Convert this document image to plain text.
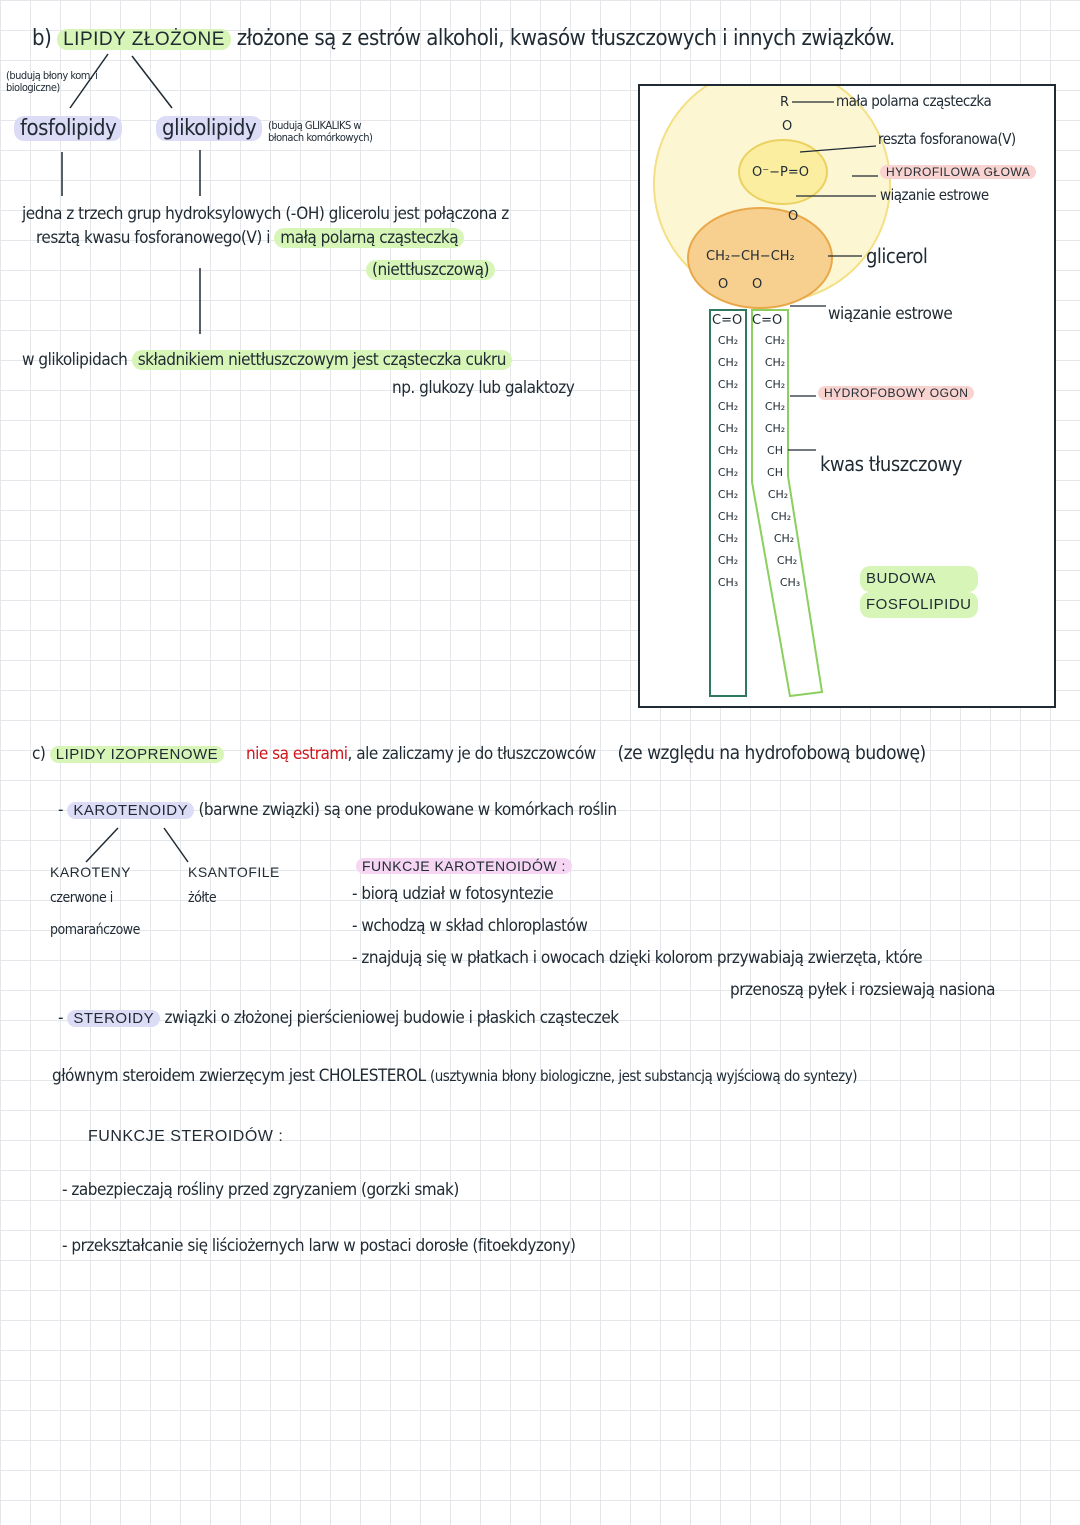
b) LIPIDY ZŁOŻONE złożone są z estrów alkoholi, kwasów tłuszczowych i innych związków.
(budują błony kom. i biologiczne)
fosfolipidy glikolipidy	(budują GLIKALIKS w błonach komórkowych)
jedna z trzech grup hydroksylowych (-OH) glicerolu jest połączona z
resztą kwasu fosforanowego(V) i małą polarną cząsteczką
(niettłuszczową)
w glikolipidach składnikiem niettłuszczowym jest cząsteczka cukru
np. glukozy lub galaktozy
R
O
O⁻−P=O
O
CH₂−CH−CH₂
O O
C=O C=O
CH₂
CH₂
CH₂
CH₂
CH₂
CH₂
CH₂
CH₂
CH₂
CH₂
CH₂
CH₃
CH₂
CH₂
CH₂
CH₂
CH₂
CH
CH
CH₂
CH₂
CH₂
CH₂
CH₃
mała polarna cząsteczka
reszta fosforanowa(V)
HYDROFILOWA GŁOWA
wiązanie estrowe
glicerol
wiązanie estrowe
HYDROFOBOWY OGON
kwas tłuszczowy
BUDOWA
FOSFOLIPIDU
c) LIPIDY IZOPRENOWE nie są estrami, ale zaliczamy je do tłuszczowców (ze względu na hydrofobową budowę)
- KAROTENOIDY (barwne związki) są one produkowane w komórkach roślin
KAROTENY
czerwone i
pomarańczowe
KSANTOFILE
żółte
FUNKCJE KAROTENOIDÓW :
- biorą udział w fotosyntezie
- wchodzą w skład chloroplastów
- znajdują się w płatkach i owocach dzięki kolorom przywabiają zwierzęta, które
przenoszą pyłek i rozsiewają nasiona
- STEROIDY związki o złożonej pierścieniowej budowie i płaskich cząsteczek
głównym steroidem zwierzęcym jest CHOLESTEROL (usztywnia błony biologiczne, jest substancją wyjściową do syntezy)
FUNKCJE STEROIDÓW :
- zabezpieczają rośliny przed zgryzaniem (gorzki smak)
- przekształcanie się liściożernych larw w postaci dorosłe (fitoekdyzony)
